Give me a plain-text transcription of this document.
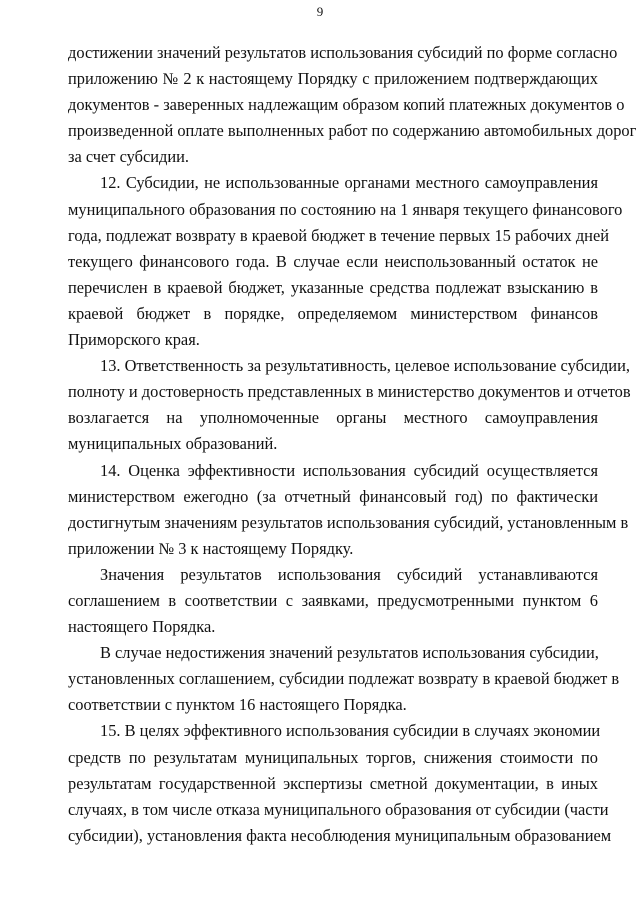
9
достижении значений результатов использования субсидий по форме согласно
приложению № 2 к настоящему Порядку с приложением подтверждающих
документов - заверенных надлежащим образом копий платежных документов о
произведенной оплате выполненных работ по содержанию автомобильных дорог
за счет субсидии.
12. Субсидии, не использованные органами местного самоуправления
муниципального образования по состоянию на 1 января текущего финансового
года, подлежат возврату в краевой бюджет в течение первых 15 рабочих дней
текущего финансового года. В случае если неиспользованный остаток не
перечислен в краевой бюджет, указанные средства подлежат взысканию в
краевой бюджет в порядке, определяемом министерством финансов
Приморского края.
13. Ответственность за результативность, целевое использование субсидии,
полноту и достоверность представленных в министерство документов и отчетов
возлагается на уполномоченные органы местного самоуправления
муниципальных образований.
14. Оценка эффективности использования субсидий осуществляется
министерством ежегодно (за отчетный финансовый год) по фактически
достигнутым значениям результатов использования субсидий, установленным в
приложении № 3 к настоящему Порядку.
Значения результатов использования субсидий устанавливаются
соглашением в соответствии с заявками, предусмотренными пунктом 6
настоящего Порядка.
В случае недостижения значений результатов использования субсидии,
установленных соглашением, субсидии подлежат возврату в краевой бюджет в
соответствии с пунктом 16 настоящего Порядка.
15. В целях эффективного использования субсидии в случаях экономии
средств по результатам муниципальных торгов, снижения стоимости по
результатам государственной экспертизы сметной документации, в иных
случаях, в том числе отказа муниципального образования от субсидии (части
субсидии), установления факта несоблюдения муниципальным образованием
